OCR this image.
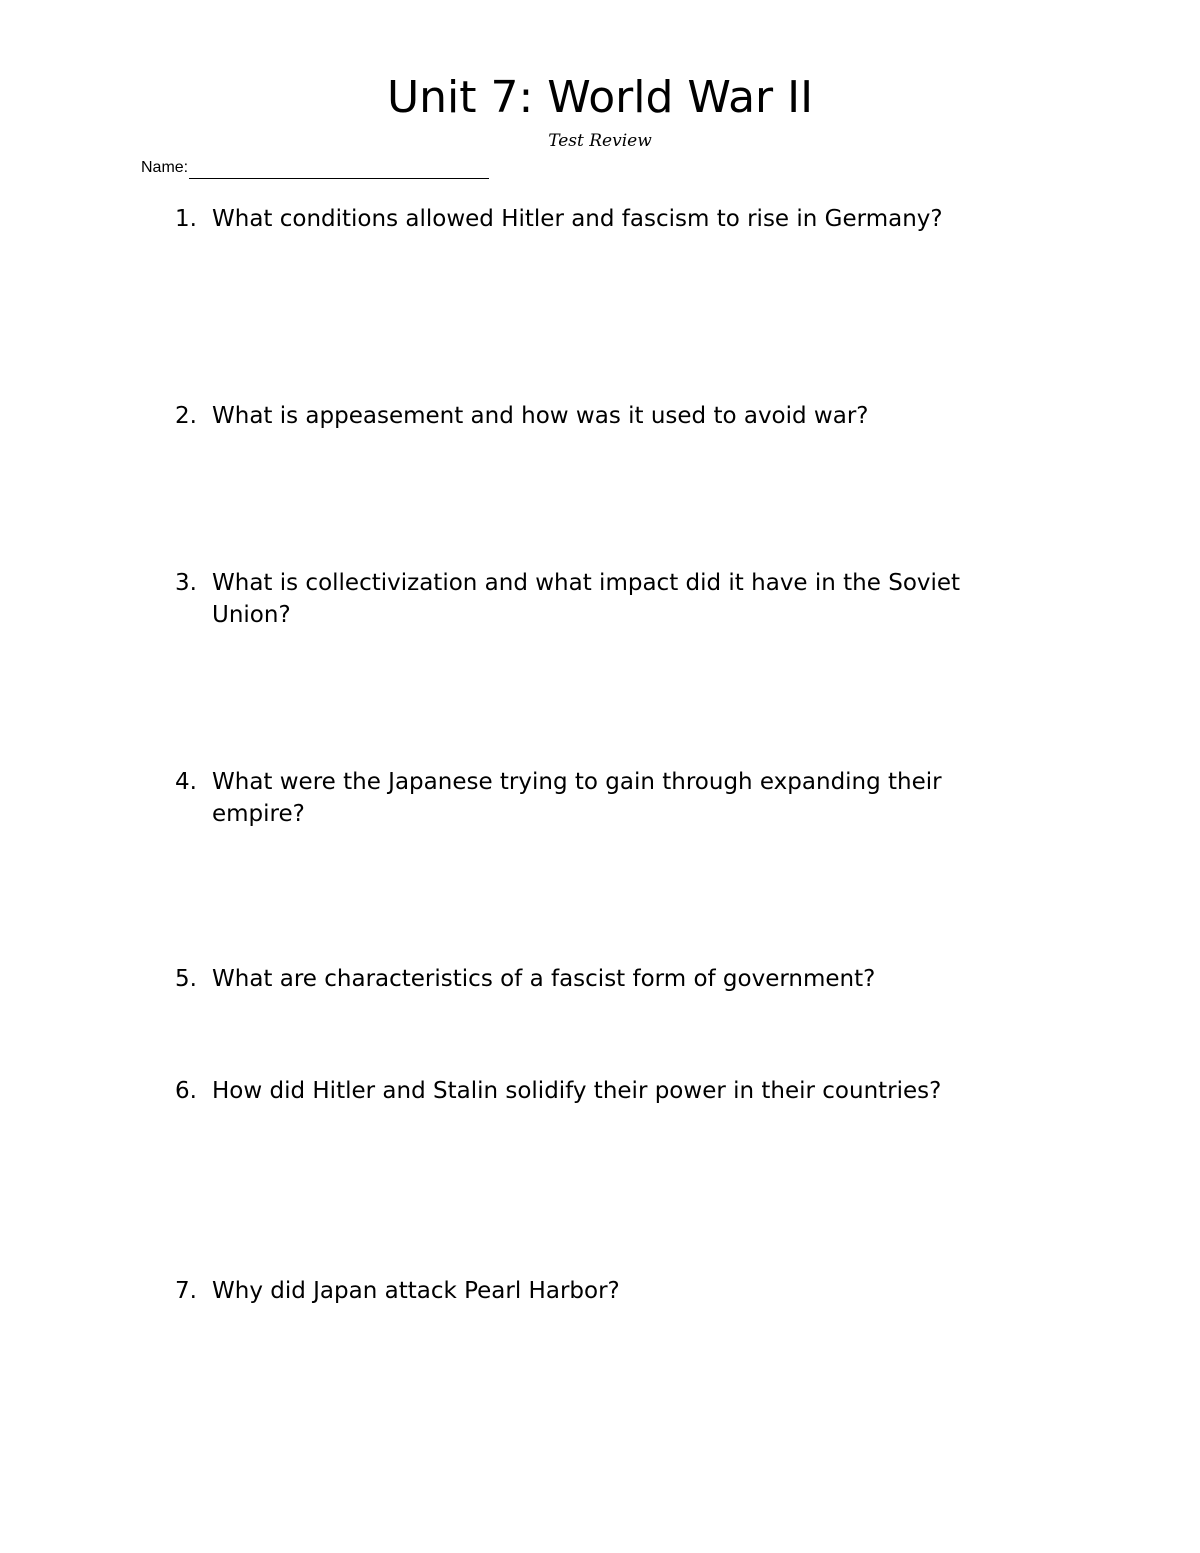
Unit 7: World War II
Test Review
Name:
1. What conditions allowed Hitler and fascism to rise in Germany?
2. What is appeasement and how was it used to avoid war?
3. What is collectivization and what impact did it have in the Soviet Union?
4. What were the Japanese trying to gain through expanding their empire?
5. What are characteristics of a fascist form of government?
6. How did Hitler and Stalin solidify their power in their countries?
7. Why did Japan attack Pearl Harbor?
